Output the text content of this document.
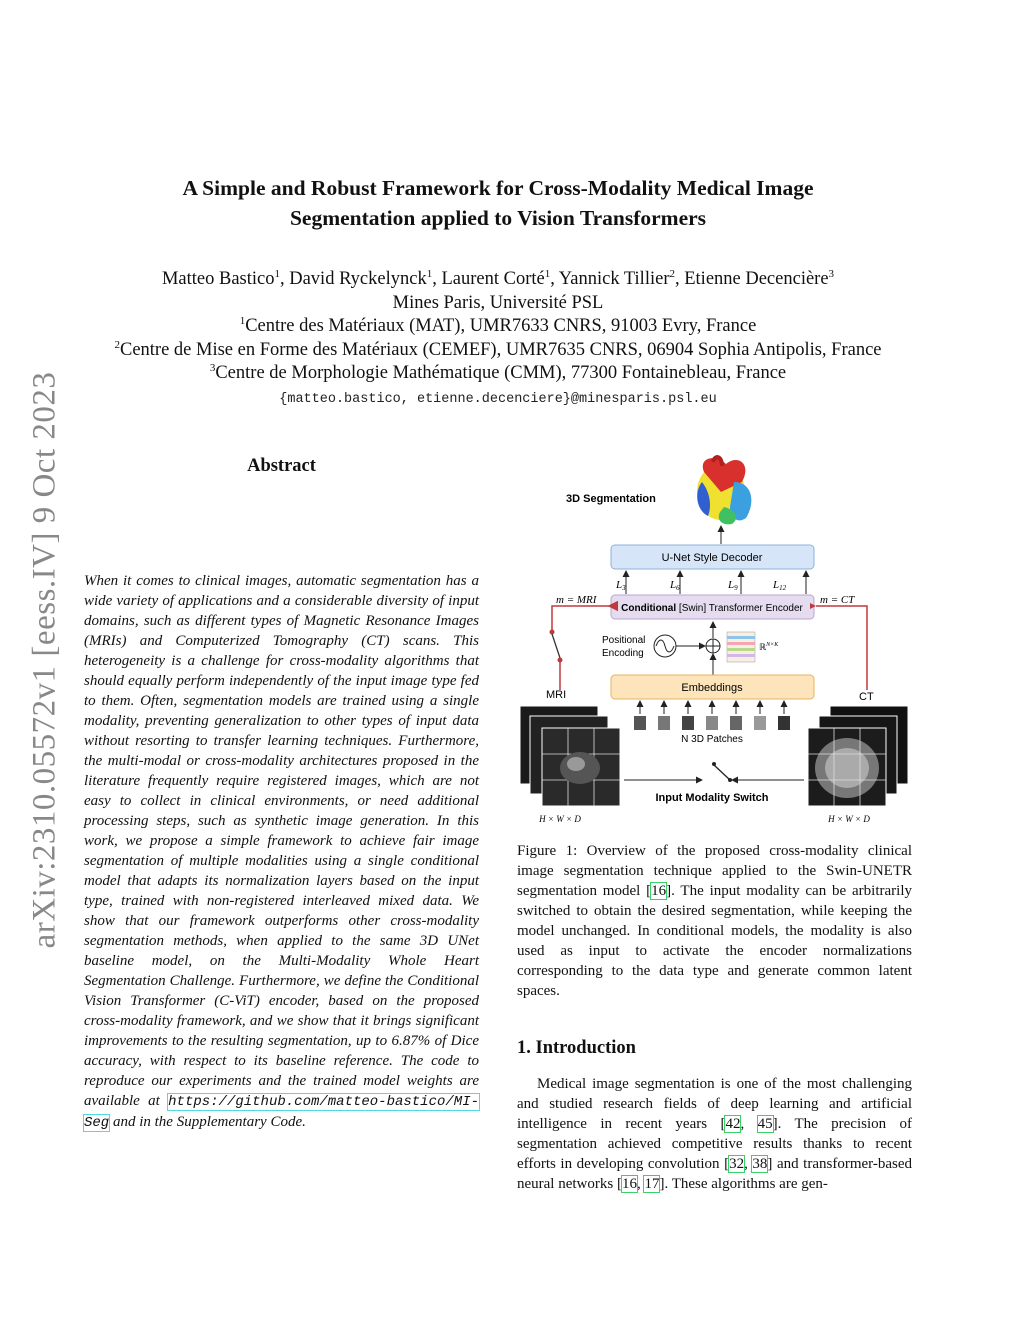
arXiv:2310.05572v1 [eess.IV] 9 Oct 2023
A Simple and Robust Framework for Cross-Modality Medical Image
Segmentation applied to Vision Transformers
Matteo Bastico$^1$, David Ryckelynck$^1$, Laurent Corté$^1$, Yannick Tillier$^2$, Etienne Decencière$^3$
Mines Paris, Université PSL
$^1$Centre des Matériaux (MAT), UMR7633 CNRS, 91003 Evry, France
$^2$Centre de Mise en Forme des Matériaux (CEMEF), UMR7635 CNRS, 06904 Sophia Antipolis, France
$^3$Centre de Morphologie Mathématique (CMM), 77300 Fontainebleau, France
{matteo.bastico, etienne.decenciere}@minesparis.psl.eu
Abstract
When it comes to clinical images, automatic segmentation has a wide variety of applications and a considerable diversity of input domains, such as different types of Magnetic Resonance Images (MRIs) and Computerized Tomography (CT) scans. This heterogeneity is a challenge for cross-modality algorithms that should equally perform independently of the input image type fed to them. Often, segmentation models are trained using a single modality, preventing generalization to other types of input data without resorting to transfer learning techniques. Furthermore, the multi-modal or cross-modality architectures proposed in the literature frequently require registered images, which are not easy to collect in clinical environments, or need additional processing steps, such as synthetic image generation. In this work, we propose a simple framework to achieve fair image segmentation of multiple modalities using a single conditional model that adapts its normalization layers based on the input type, trained with non-registered interleaved mixed data. We show that our framework outperforms other cross-modality segmentation methods, when applied to the same 3D UNet baseline model, on the Multi-Modality Whole Heart Segmentation Challenge. Furthermore, we define the Conditional Vision Transformer (C-ViT) encoder, based on the proposed cross-modality framework, and we show that it brings significant improvements to the resulting segmentation, up to 6.87% of Dice accuracy, with respect to its baseline reference. The code to reproduce our experiments and the trained model weights are available at https://github.com/matteo-bastico/MI-Seg and in the Supplementary Code.
3D Segmentation
U-Net Style Decoder
L3	L6	L9	L12
Conditional [Swin] Transformer Encoder
m = MRI	m = CT
Positional Encoding
ℝ$^{N\times K}$
Embeddings
N 3D Patches
MRI
H × W × D
CT
H × W × D
Input Modality Switch
Figure 1: Overview of the proposed cross-modality clinical image segmentation technique applied to the Swin-UNETR segmentation model [16]. The input modality can be arbitrarily switched to obtain the desired segmentation, while keeping the model unchanged. In conditional models, the modality is also used as input to activate the encoder normalizations corresponding to the data type and generate common latent spaces.
1. Introduction
Medical image segmentation is one of the most challenging and studied research fields of deep learning and artificial intelligence in recent years [42, 45]. The precision of segmentation achieved competitive results thanks to recent efforts in developing convolution [32, 38] and transformer-based neural networks [16, 17]. These algorithms are gen-
